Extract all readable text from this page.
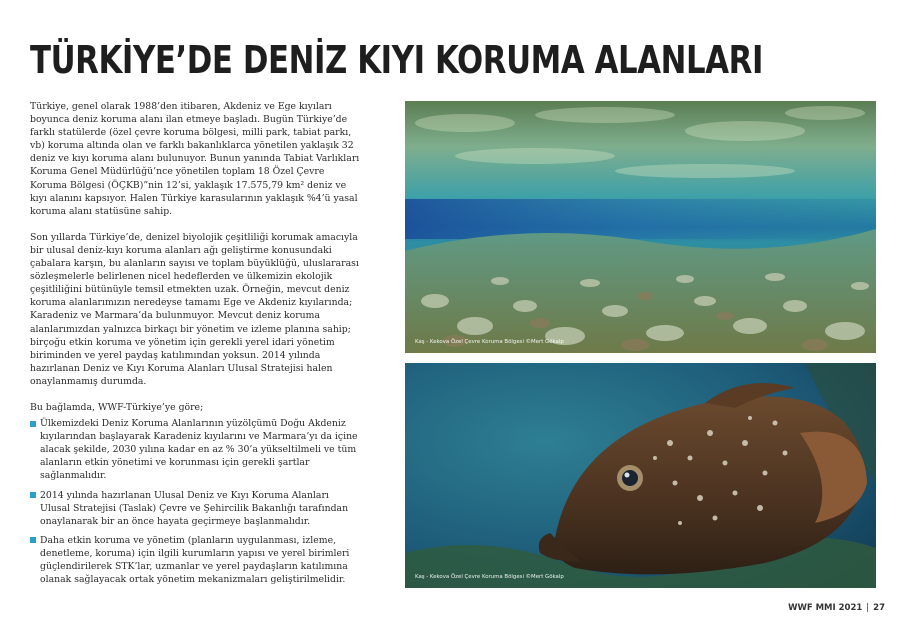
TÜRKİYE’DE DENİZ KIYI KORUMA ALANLARI

Türkiye, genel olarak 1988’den itibaren, Akdeniz ve Ege kıyıları boyunca deniz koruma alanı ilan etmeye başladı. Bugün Türkiye’de farklı statülerde (özel çevre koruma bölgesi, milli park, tabiat parkı, vb) koruma altında olan ve farklı bakanlıklarca yönetilen yaklaşık 32 deniz ve kıyı koruma alanı bulunuyor. Bunun yanında Tabiat Varlıkları Koruma Genel Müdürlüğü’nce yönetilen toplam 18 Özel Çevre Koruma Bölgesi (ÖÇKB)”nin 12’si, yaklaşık 17.575,79 km² deniz ve kıyı alanını kapsıyor. Halen Türkiye karasularının yaklaşık %4’ü yasal koruma alanı statüsüne sahip.

Son yıllarda Türkiye’de, denizel biyolojik çeşitliliği korumak amacıyla bir ulusal deniz-kıyı koruma alanları ağı geliştirme konusundaki çabalara karşın, bu alanların sayısı ve toplam büyüklüğü, uluslararası sözleşmelerle belirlenen nicel hedeflerden ve ülkemizin ekolojik çeşitliliğini bütünüyle temsil etmekten uzak. Örneğin, mevcut deniz koruma alanlarımızın neredeyse tamamı Ege ve Akdeniz kıyılarında; Karadeniz ve Marmara’da bulunmuyor. Mevcut deniz koruma alanlarımızdan yalnızca birkaçı bir yönetim ve izleme planına sahip; birçoğu etkin koruma ve yönetim için gerekli yerel idari yönetim biriminden ve yerel paydaş katılımından yoksun. 2014 yılında hazırlanan Deniz ve Kıyı Koruma Alanları Ulusal Stratejisi halen onaylanmamış durumda.

Bu bağlamda, WWF-Türkiye’ye göre;

Ülkemizdeki Deniz Koruma Alanlarının yüzölçümü Doğu Akdeniz kıyılarından başlayarak Karadeniz kıyılarını ve Marmara’yı da içine alacak şekilde, 2030 yılına kadar en az % 30’a yükseltilmeli ve tüm alanların etkin yönetimi ve korunması için gerekli şartlar sağlanmalıdır.
2014 yılında hazırlanan Ulusal Deniz ve Kıyı Koruma Alanları Ulusal Stratejisi (Taslak) Çevre ve Şehircilik Bakanlığı tarafından onaylanarak bir an önce hayata geçirmeye başlanmalıdır.
Daha etkin koruma ve yönetim (planların uygulanması, izleme, denetleme, koruma) için ilgili kurumların yapısı ve yerel birimleri güçlendirilerek STK’lar, uzmanlar ve yerel paydaşların katılımına olanak sağlayacak ortak yönetim mekanizmaları geliştirilmelidir.
Kaş - Kekova Özel Çevre Koruma Bölgesi ©Mert Gökalp
Kaş - Kekova Özel Çevre Koruma Bölgesi ©Mert Gökalp
WWF MMI 2021 | 27
